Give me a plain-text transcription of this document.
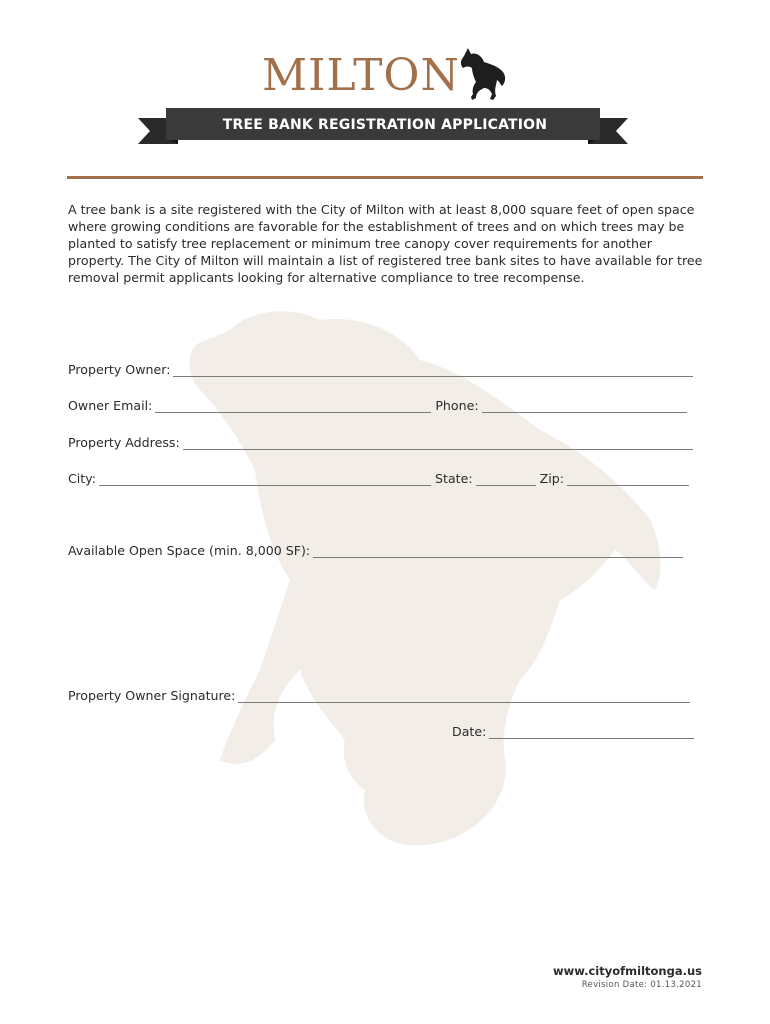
MILTON
TREE BANK REGISTRATION APPLICATION

A tree bank is a site registered with the City of Milton with at least 8,000 square feet of open space where growing conditions are favorable for the establishment of trees and on which trees may be planted to satisfy tree replacement or minimum tree canopy cover requirements for another property. The City of Milton will maintain a list of registered tree bank sites to have available for tree removal permit applicants looking for alternative compliance to tree recompense.

Property Owner:
Owner Email:	Phone:
Property Address:
City:	State:	Zip:
Available Open Space (min. 8,000 SF):
Property Owner Signature:
Date:
www.cityofmiltonga.us
Revision Date: 01.13.2021
